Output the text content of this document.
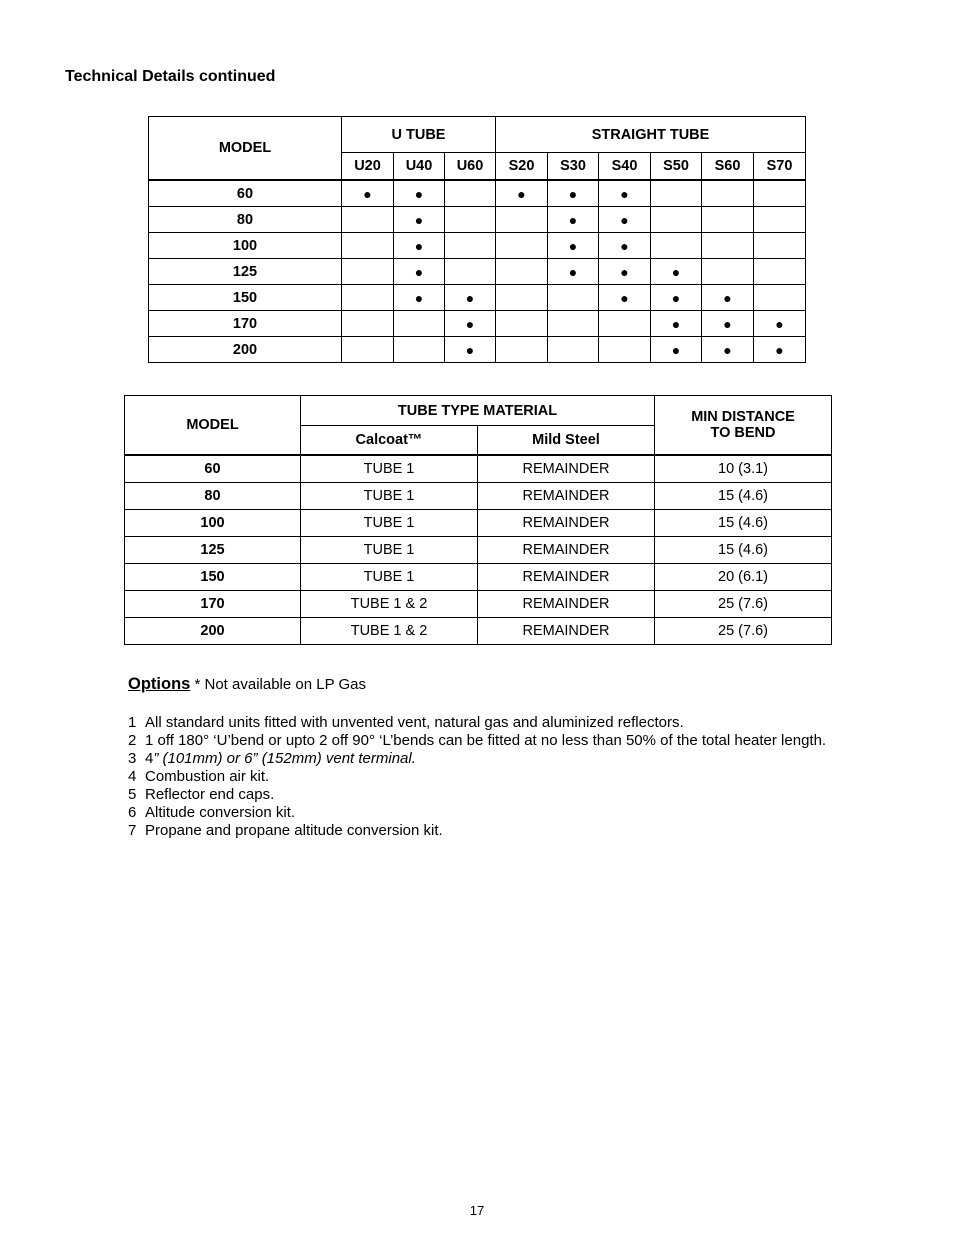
Technical Details continued
MODEL	U TUBE			STRAIGHT TUBE					
	U20	U40	U60	S20	S30	S40	S50	S60	S70
60	●	●		●	●	●			
80		●			●	●			
100		●			●	●			
125		●			●	●	●		
150		●	●			●	●	●	
170			●				●	●	●
200			●				●	●	●
MODEL	TUBE TYPE MATERIAL		MIN DISTANCE
TO BEND

	Calcoat™	Mild Steel	
60	TUBE 1	REMAINDER	10 (3.1)
80	TUBE 1	REMAINDER	15 (4.6)
100	TUBE 1	REMAINDER	15 (4.6)
125	TUBE 1	REMAINDER	15 (4.6)
150	TUBE 1	REMAINDER	20 (6.1)
170	TUBE 1 & 2	REMAINDER	25 (7.6)
200	TUBE 1 & 2	REMAINDER	25 (7.6)
Options * Not available on LP Gas
1 All standard units fitted with unvented vent, natural gas and aluminized reflectors.
2 1 off 180° ‘U’bend or upto 2 off 90° ‘L’bends can be fitted at no less than 50% of the total heater length.
3 4” (101mm) or 6” (152mm) vent terminal.
4 Combustion air kit.
5 Reflector end caps.
6 Altitude conversion kit.
7 Propane and propane altitude conversion kit.
17
